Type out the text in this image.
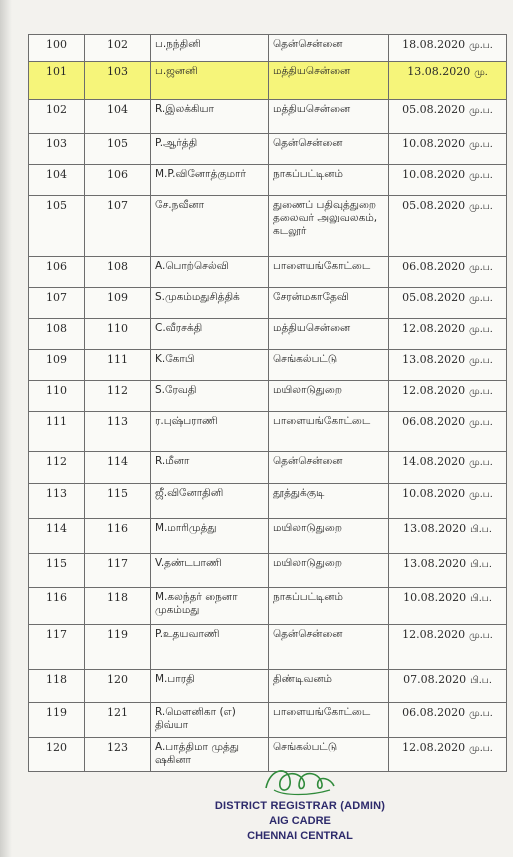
100	102	ப.நந்தினி	தென்சென்னை	18.08.2020 மு.ப.
101	103	ப.ஜனனி	மத்தியசென்னை	13.08.2020 மு.
102	104	R.இலக்கியா	மத்தியசென்னை	05.08.2020 மு.ப.
103	105	P.ஆர்த்தி	தென்சென்னை	10.08.2020 மு.ப.
104	106	M.P.வினோத்குமார்	நாகப்பட்டினம்	10.08.2020 மு.ப.
105	107	சே.நவீனா	துணைப் பதிவுத்துறை தலைவர் அலுவலகம், கடலூர்	05.08.2020 மு.ப.
106	108	A.பொற்செல்வி	பாளையங்கோட்டை	06.08.2020 மு.ப.
107	109	S.முகம்மதுசித்திக்	சேரன்மகாதேவி	05.08.2020 மு.ப.
108	110	C.வீரசக்தி	மத்தியசென்னை	12.08.2020 மு.ப.
109	111	K.கோபி	செங்கல்பட்டு	13.08.2020 மு.ப.
110	112	S.ரேவதி	மயிலாடுதுறை	12.08.2020 மு.ப.
111	113	ர.புஷ்பராணி	பாளையங்கோட்டை	06.08.2020 மு.ப.
112	114	R.மீனா	தென்சென்னை	14.08.2020 மு.ப.
113	115	ஜீ.வினோதினி	தூத்துக்குடி	10.08.2020 மு.ப.
114	116	M.மாரிமுத்து	மயிலாடுதுறை	13.08.2020 பி.ப.
115	117	V.தண்டபாணி	மயிலாடுதுறை	13.08.2020 பி.ப.
116	118	M.கலந்தர் நைனா முகம்மது	நாகப்பட்டினம்	10.08.2020 பி.ப.
117	119	P.உதயவாணி	தென்சென்னை	12.08.2020 மு.ப.
118	120	M.பாரதி	திண்டிவனம்	07.08.2020 பி.ப.
119	121	R.மௌனிகா (எ) திவ்யா	பாளையங்கோட்டை	06.08.2020 மு.ப.
120	123	A.பாத்திமா முத்து ஷகினா	செங்கல்பட்டு	12.08.2020 மு.ப.
DISTRICT REGISTRAR (ADMIN)
AIG CADRE
CHENNAI CENTRAL
